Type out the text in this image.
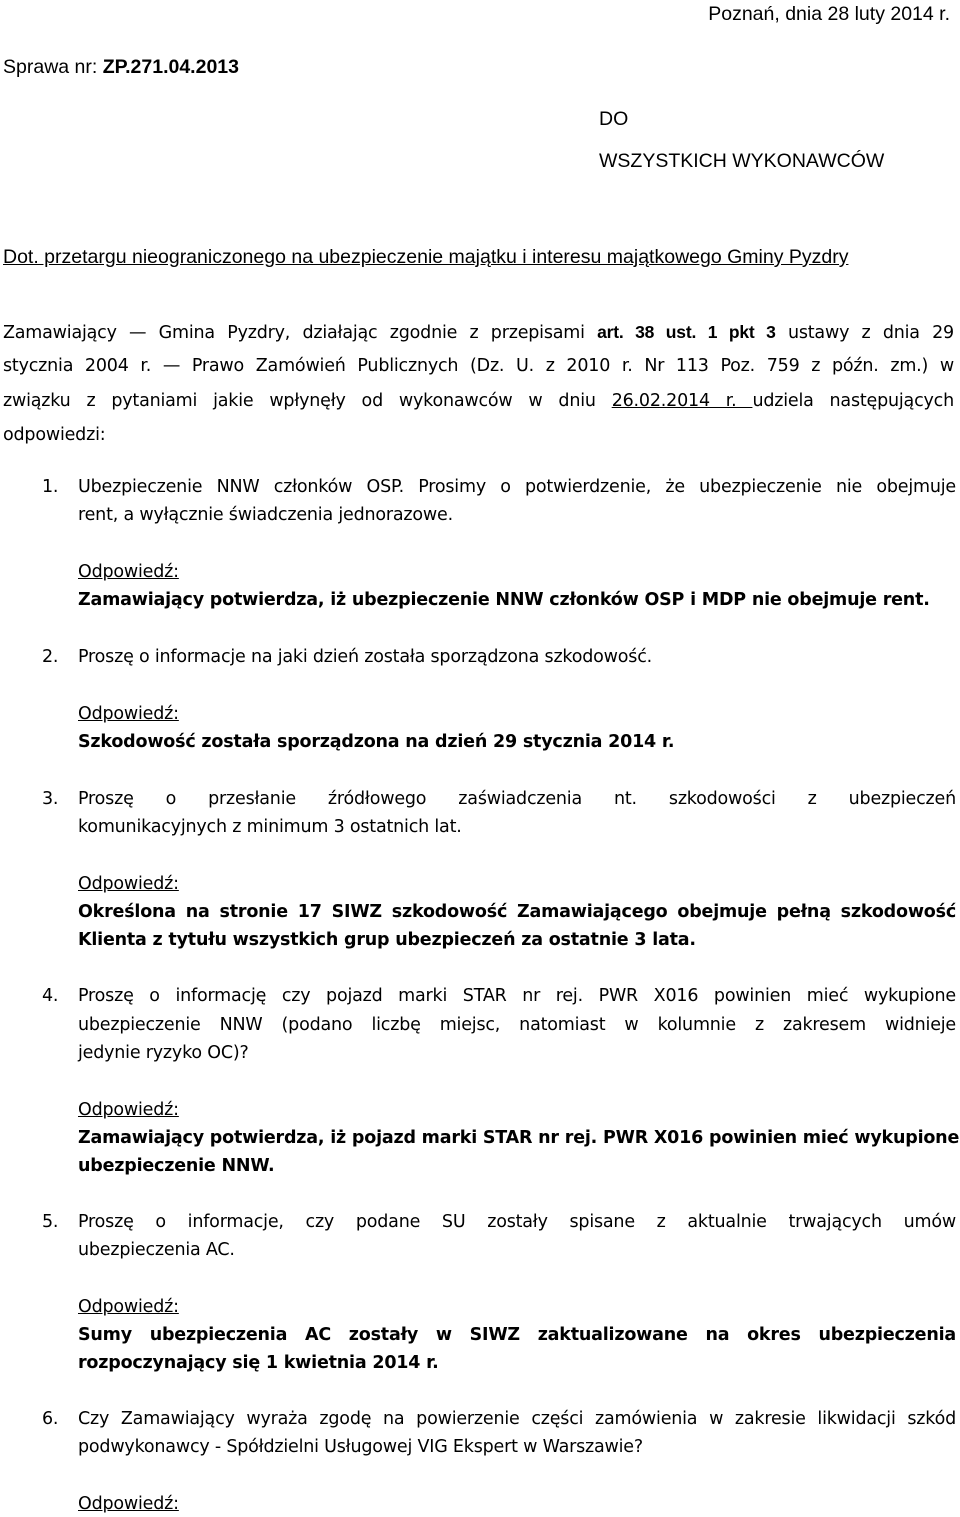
Poznań, dnia 28 luty 2014 r.
Sprawa nr: ZP.271.04.2013
DO
WSZYSTKICH WYKONAWCÓW
Dot. przetargu nieograniczonego na ubezpieczenie majątku i interesu majątkowego Gminy Pyzdry
Zamawiający — Gmina Pyzdry, działając zgodnie z przepisami art. 38 ust. 1 pkt 3 ustawy z dnia 29
stycznia 2004 r. — Prawo Zamówień Publicznych (Dz. U. z 2010 r. Nr 113 Poz. 759 z późn. zm.) w
związku z pytaniami jakie wpłynęły od wykonawców w dniu 26.02.2014 r. udziela następujących
odpowiedzi:
1. Ubezpieczenie NNW członków OSP. Prosimy o potwierdzenie, że ubezpieczenie nie obejmuje
rent, a wyłącznie świadczenia jednorazowe.
Odpowiedź:
Zamawiający potwierdza, iż ubezpieczenie NNW członków OSP i MDP nie obejmuje rent.
2. Proszę o informacje na jaki dzień została sporządzona szkodowość.
Odpowiedź:
Szkodowość została sporządzona na dzień 29 stycznia 2014 r.
3. Proszę o przesłanie źródłowego zaświadczenia nt. szkodowości z ubezpieczeń
komunikacyjnych z minimum 3 ostatnich lat.
Odpowiedź:
Określona na stronie 17 SIWZ szkodowość Zamawiającego obejmuje pełną szkodowość
Klienta z tytułu wszystkich grup ubezpieczeń za ostatnie 3 lata.
4. Proszę o informację czy pojazd marki STAR nr rej. PWR X016 powinien mieć wykupione
ubezpieczenie NNW (podano liczbę miejsc, natomiast w kolumnie z zakresem widnieje
jedynie ryzyko OC)?
Odpowiedź:
Zamawiający potwierdza, iż pojazd marki STAR nr rej. PWR X016 powinien mieć wykupione
ubezpieczenie NNW.
5. Proszę o informacje, czy podane SU zostały spisane z aktualnie trwających umów
ubezpieczenia AC.
Odpowiedź:
Sumy ubezpieczenia AC zostały w SIWZ zaktualizowane na okres ubezpieczenia
rozpoczynający się 1 kwietnia 2014 r.
6. Czy Zamawiający wyraża zgodę na powierzenie części zamówienia w zakresie likwidacji szkód
podwykonawcy - Spółdzielni Usługowej VIG Ekspert w Warszawie?
Odpowiedź:
